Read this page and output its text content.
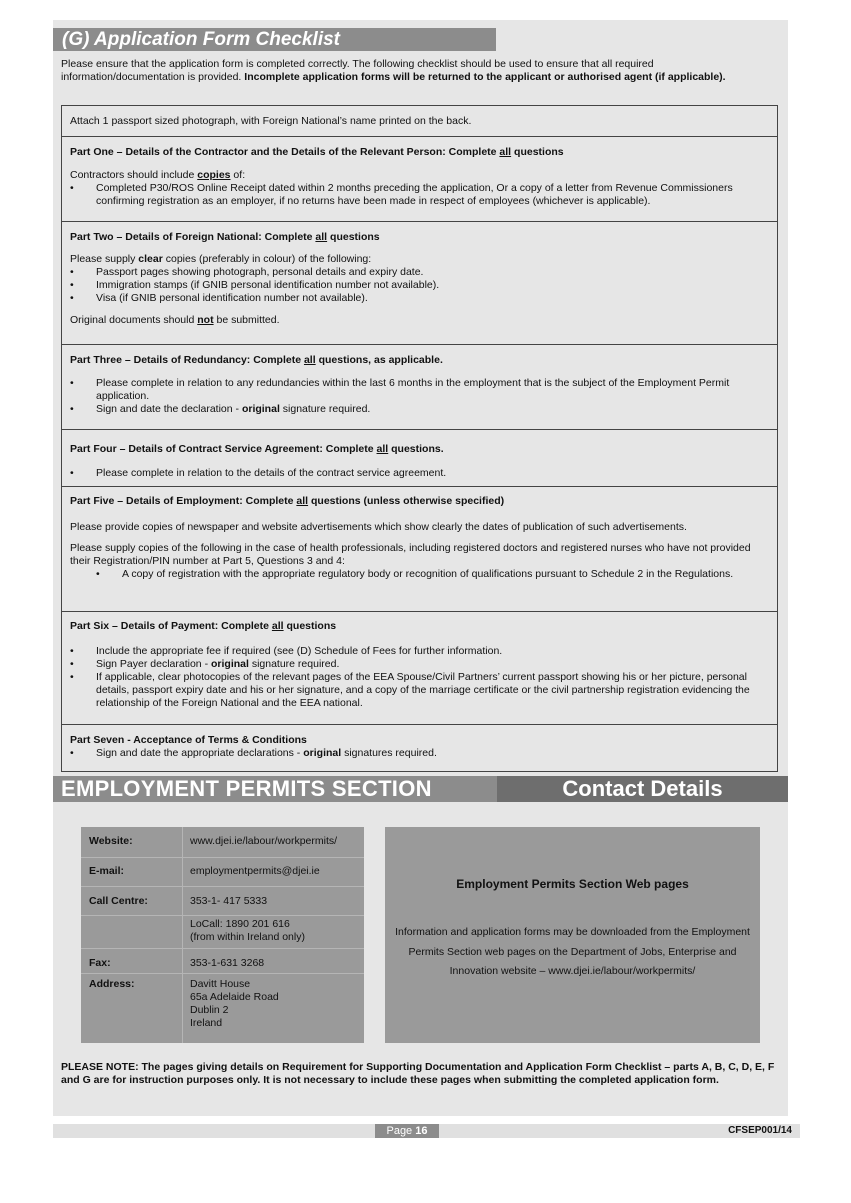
(G) Application Form Checklist
Please ensure that the application form is completed correctly. The following checklist should be used to ensure that all required information/documentation is provided. Incomplete application forms will be returned to the applicant or authorised agent (if applicable).

Attach 1 passport sized photograph, with Foreign National’s name printed on the back.

Part One – Details of the Contractor and the Details of the Relevant Person: Complete all questions

Contractors should include copies of:

• Completed P30/ROS Online Receipt dated within 2 months preceding the application, Or a copy of a letter from Revenue Commissioners confirming registration as an employer, if no returns have been made in respect of employees (whichever is applicable).

Part Two – Details of Foreign National: Complete all questions

Please supply clear copies (preferably in colour) of the following:

• Passport pages showing photograph, personal details and expiry date.
• Immigration stamps (if GNIB personal identification number not available).
• Visa (if GNIB personal identification number not available).

Original documents should not be submitted.

Part Three – Details of Redundancy: Complete all questions, as applicable.

• Please complete in relation to any redundancies within the last 6 months in the employment that is the subject of the Employment Permit application.
• Sign and date the declaration - original signature required.

Part Four – Details of Contract Service Agreement: Complete all questions.

• Please complete in relation to the details of the contract service agreement.

Part Five – Details of Employment: Complete all questions (unless otherwise specified)

Please provide copies of newspaper and website advertisements which show clearly the dates of publication of such advertisements.

Please supply copies of the following in the case of health professionals, including registered doctors and registered nurses who have not provided their Registration/PIN number at Part 5, Questions 3 and 4:

• A copy of registration with the appropriate regulatory body or recognition of qualifications pursuant to Schedule 2 in the Regulations.

Part Six – Details of Payment: Complete all questions

• Include the appropriate fee if required (see (D) Schedule of Fees for further information.
• Sign Payer declaration - original signature required.
• If applicable, clear photocopies of the relevant pages of the EEA Spouse/Civil Partners’ current passport showing his or her picture, personal details, passport expiry date and his or her signature, and a copy of the marriage certificate or the civil partnership registration evidencing the relationship of the Foreign National and the EEA national.

Part Seven - Acceptance of Terms & Conditions

• Sign and date the appropriate declarations - original signatures required.
EMPLOYMENT PERMITS SECTION	Contact Details
Website:	www.djei.ie/labour/workpermits/
E-mail:	employmentpermits@djei.ie
Call Centre:	353-1- 417 5333
LoCall: 1890 201 616
(from within Ireland only)
Fax:	353-1-631 3268
Address:	Davitt House
65a Adelaide Road
Dublin 2
Ireland
Employment Permits Section Web pages
Information and application forms may be downloaded from the Employment Permits Section web pages on the Department of Jobs, Enterprise and Innovation website – www.djei.ie/labour/workpermits/
PLEASE NOTE: The pages giving details on Requirement for Supporting Documentation and Application Form Checklist – parts A, B, C, D, E, F and G are for instruction purposes only. It is not necessary to include these pages when submitting the completed application form.
Page 16	CFSEP001/14
